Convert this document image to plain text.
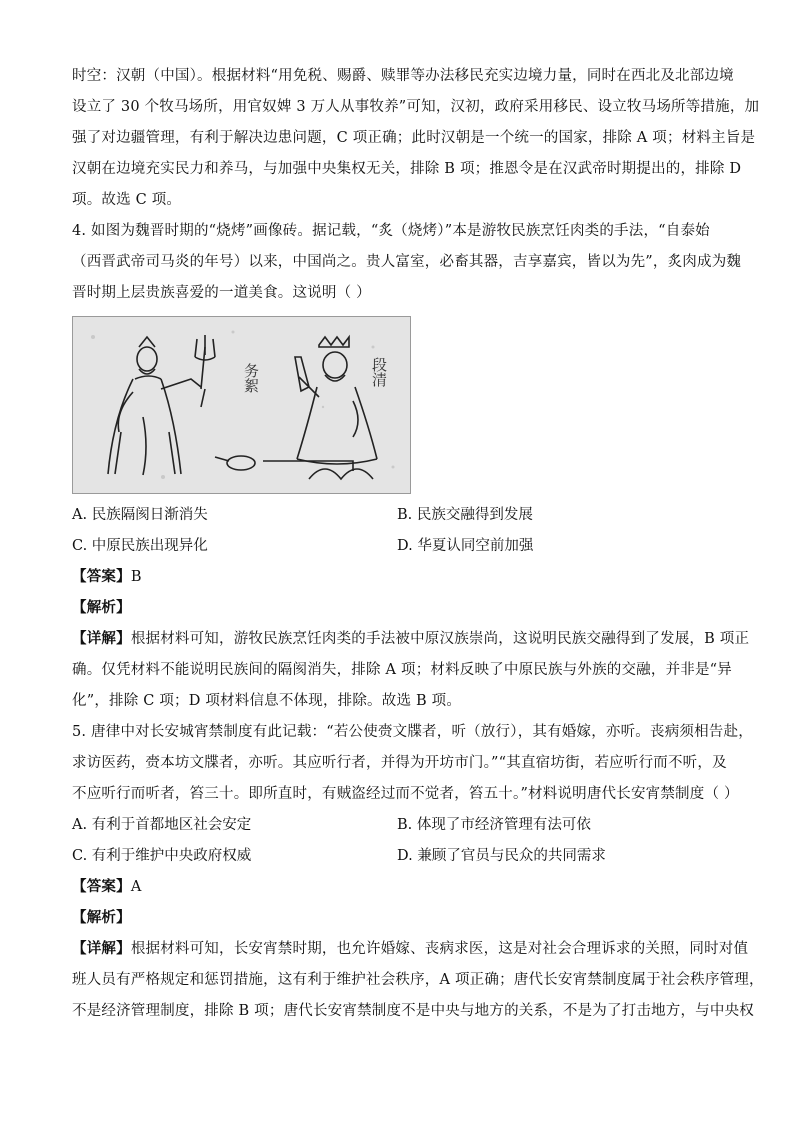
时空：汉朝（中国）。根据材料“用免税、赐爵、赎罪等办法移民充实边境力量，同时在西北及北部边境
设立了 30 个牧马场所，用官奴婢 3 万人从事牧养”可知，汉初，政府采用移民、设立牧马场所等措施，加
强了对边疆管理，有利于解决边患问题，C 项正确；此时汉朝是一个统一的国家，排除 A 项；材料主旨是
汉朝在边境充实民力和养马，与加强中央集权无关，排除 B 项；推恩令是在汉武帝时期提出的，排除 D
项。故选 C 项。
4. 如图为魏晋时期的“烧烤”画像砖。据记载，“炙（烧烤）”本是游牧民族烹饪肉类的手法，“自泰始
（西晋武帝司马炎的年号）以来，中国尚之。贵人富室，必畜其器，吉享嘉宾，皆以为先”，炙肉成为魏
晋时期上层贵族喜爱的一道美食。这说明（ ）
务絮	段清
A. 民族隔阂日渐消失	B. 民族交融得到发展
C. 中原民族出现异化	D. 华夏认同空前加强
【答案】B
【解析】
【详解】根据材料可知，游牧民族烹饪肉类的手法被中原汉族崇尚，这说明民族交融得到了发展，B 项正
确。仅凭材料不能说明民族间的隔阂消失，排除 A 项；材料反映了中原民族与外族的交融，并非是“异
化”，排除 C 项；D 项材料信息不体现，排除。故选 B 项。
5. 唐律中对长安城宵禁制度有此记载：“若公使赍文牒者，听（放行），其有婚嫁，亦听。丧病须相告赴，
求访医药，赍本坊文牒者，亦听。其应听行者，并得为开坊市门。”“其直宿坊街，若应听行而不听，及
不应听行而听者，笞三十。即所直时，有贼盗经过而不觉者，笞五十。”材料说明唐代长安宵禁制度（ ）
A. 有利于首都地区社会安定	B. 体现了市经济管理有法可依
C. 有利于维护中央政府权威	D. 兼顾了官员与民众的共同需求
【答案】A
【解析】
【详解】根据材料可知，长安宵禁时期，也允许婚嫁、丧病求医，这是对社会合理诉求的关照，同时对值
班人员有严格规定和惩罚措施，这有利于维护社会秩序，A 项正确；唐代长安宵禁制度属于社会秩序管理，
不是经济管理制度，排除 B 项；唐代长安宵禁制度不是中央与地方的关系，不是为了打击地方，与中央权
